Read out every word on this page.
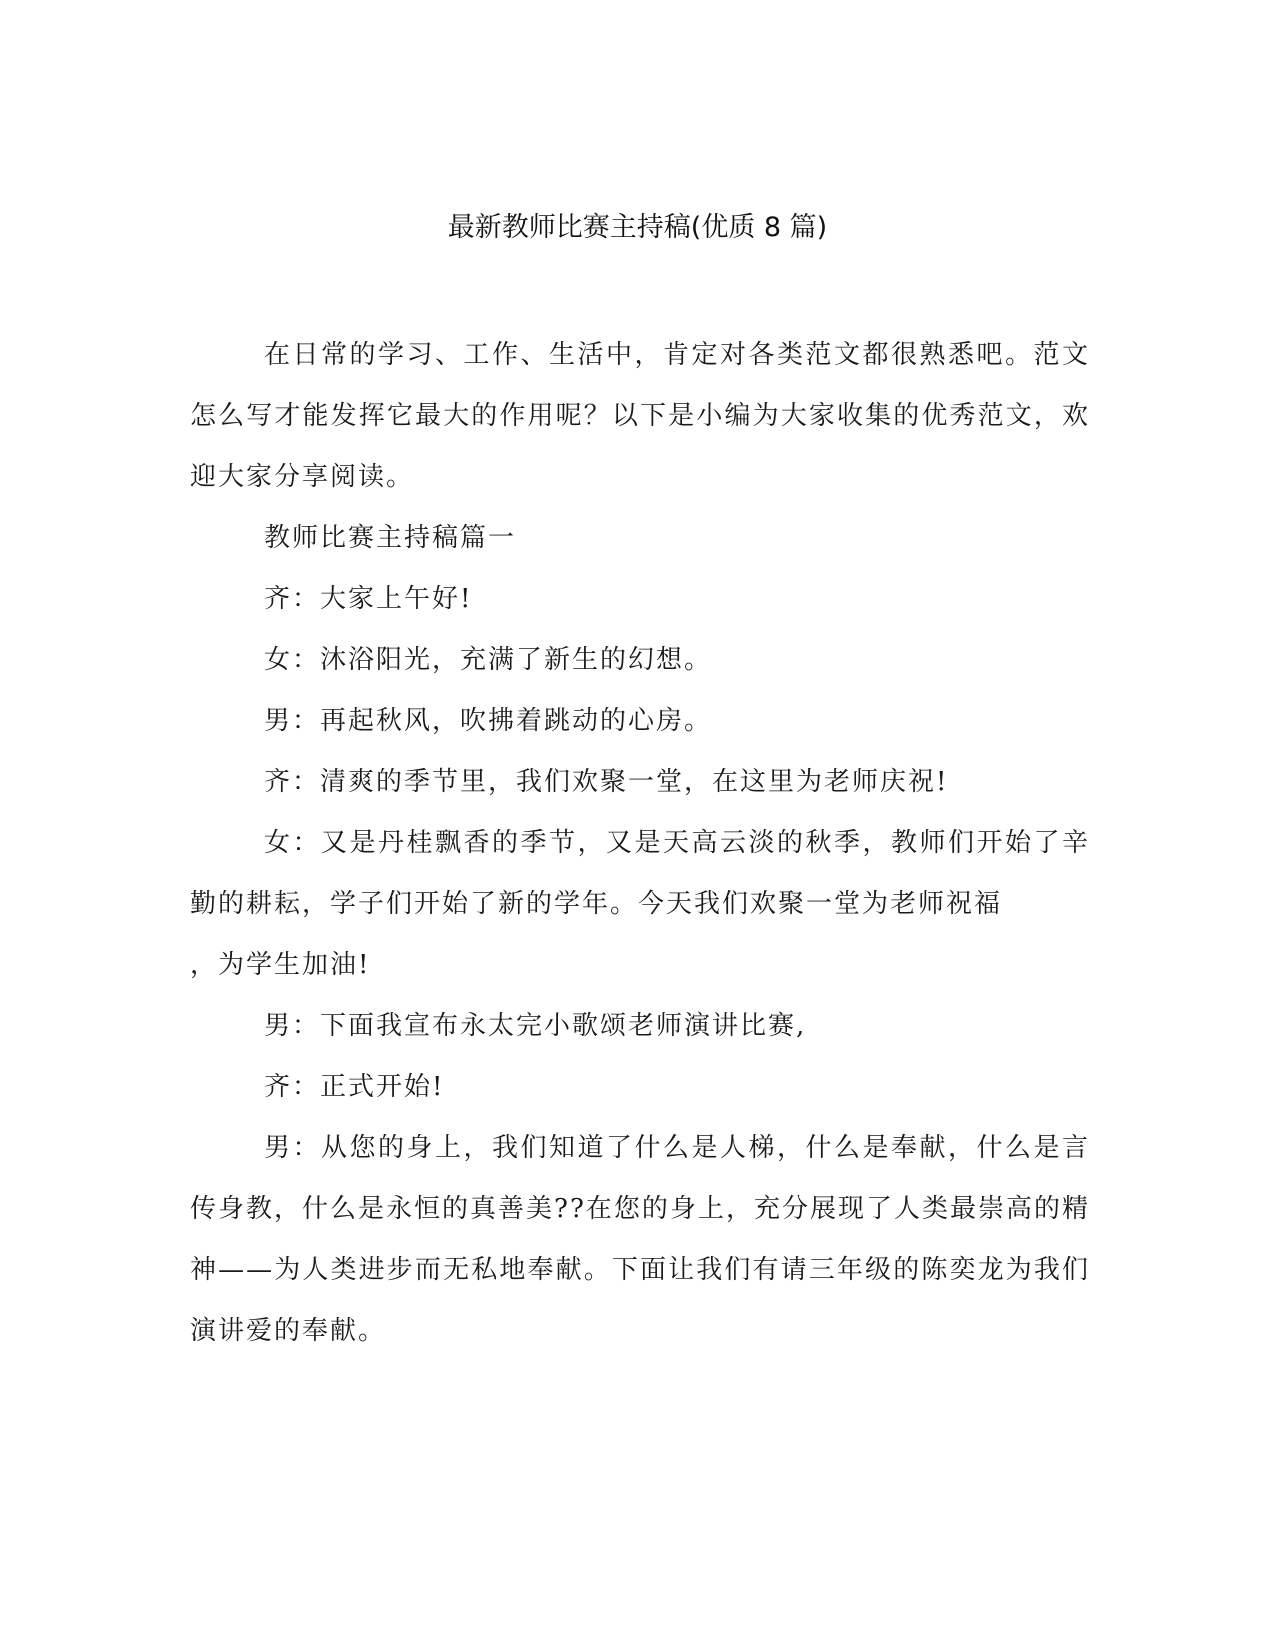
最新教师比赛主持稿(优质 8 篇)

在日常的学习、工作、生活中，肯定对各类范文都很熟悉吧。范文怎么写才能发挥它最大的作用呢？以下是小编为大家收集的优秀范文，欢迎大家分享阅读。

教师比赛主持稿篇一

齐：大家上午好!

女：沐浴阳光，充满了新生的幻想。

男：再起秋风，吹拂着跳动的心房。

齐：清爽的季节里，我们欢聚一堂，在这里为老师庆祝!

女：又是丹桂飘香的季节，又是天高云淡的秋季，教师们开始了辛勤的耕耘，学子们开始了新的学年。今天我们欢聚一堂为老师祝福

，为学生加油!

男：下面我宣布永太完小歌颂老师演讲比赛,

齐：正式开始!

男：从您的身上，我们知道了什么是人梯，什么是奉献，什么是言传身教，什么是永恒的真善美??在您的身上，充分展现了人类最崇高的精神——为人类进步而无私地奉献。下面让我们有请三年级的陈奕龙为我们演讲爱的奉献。
